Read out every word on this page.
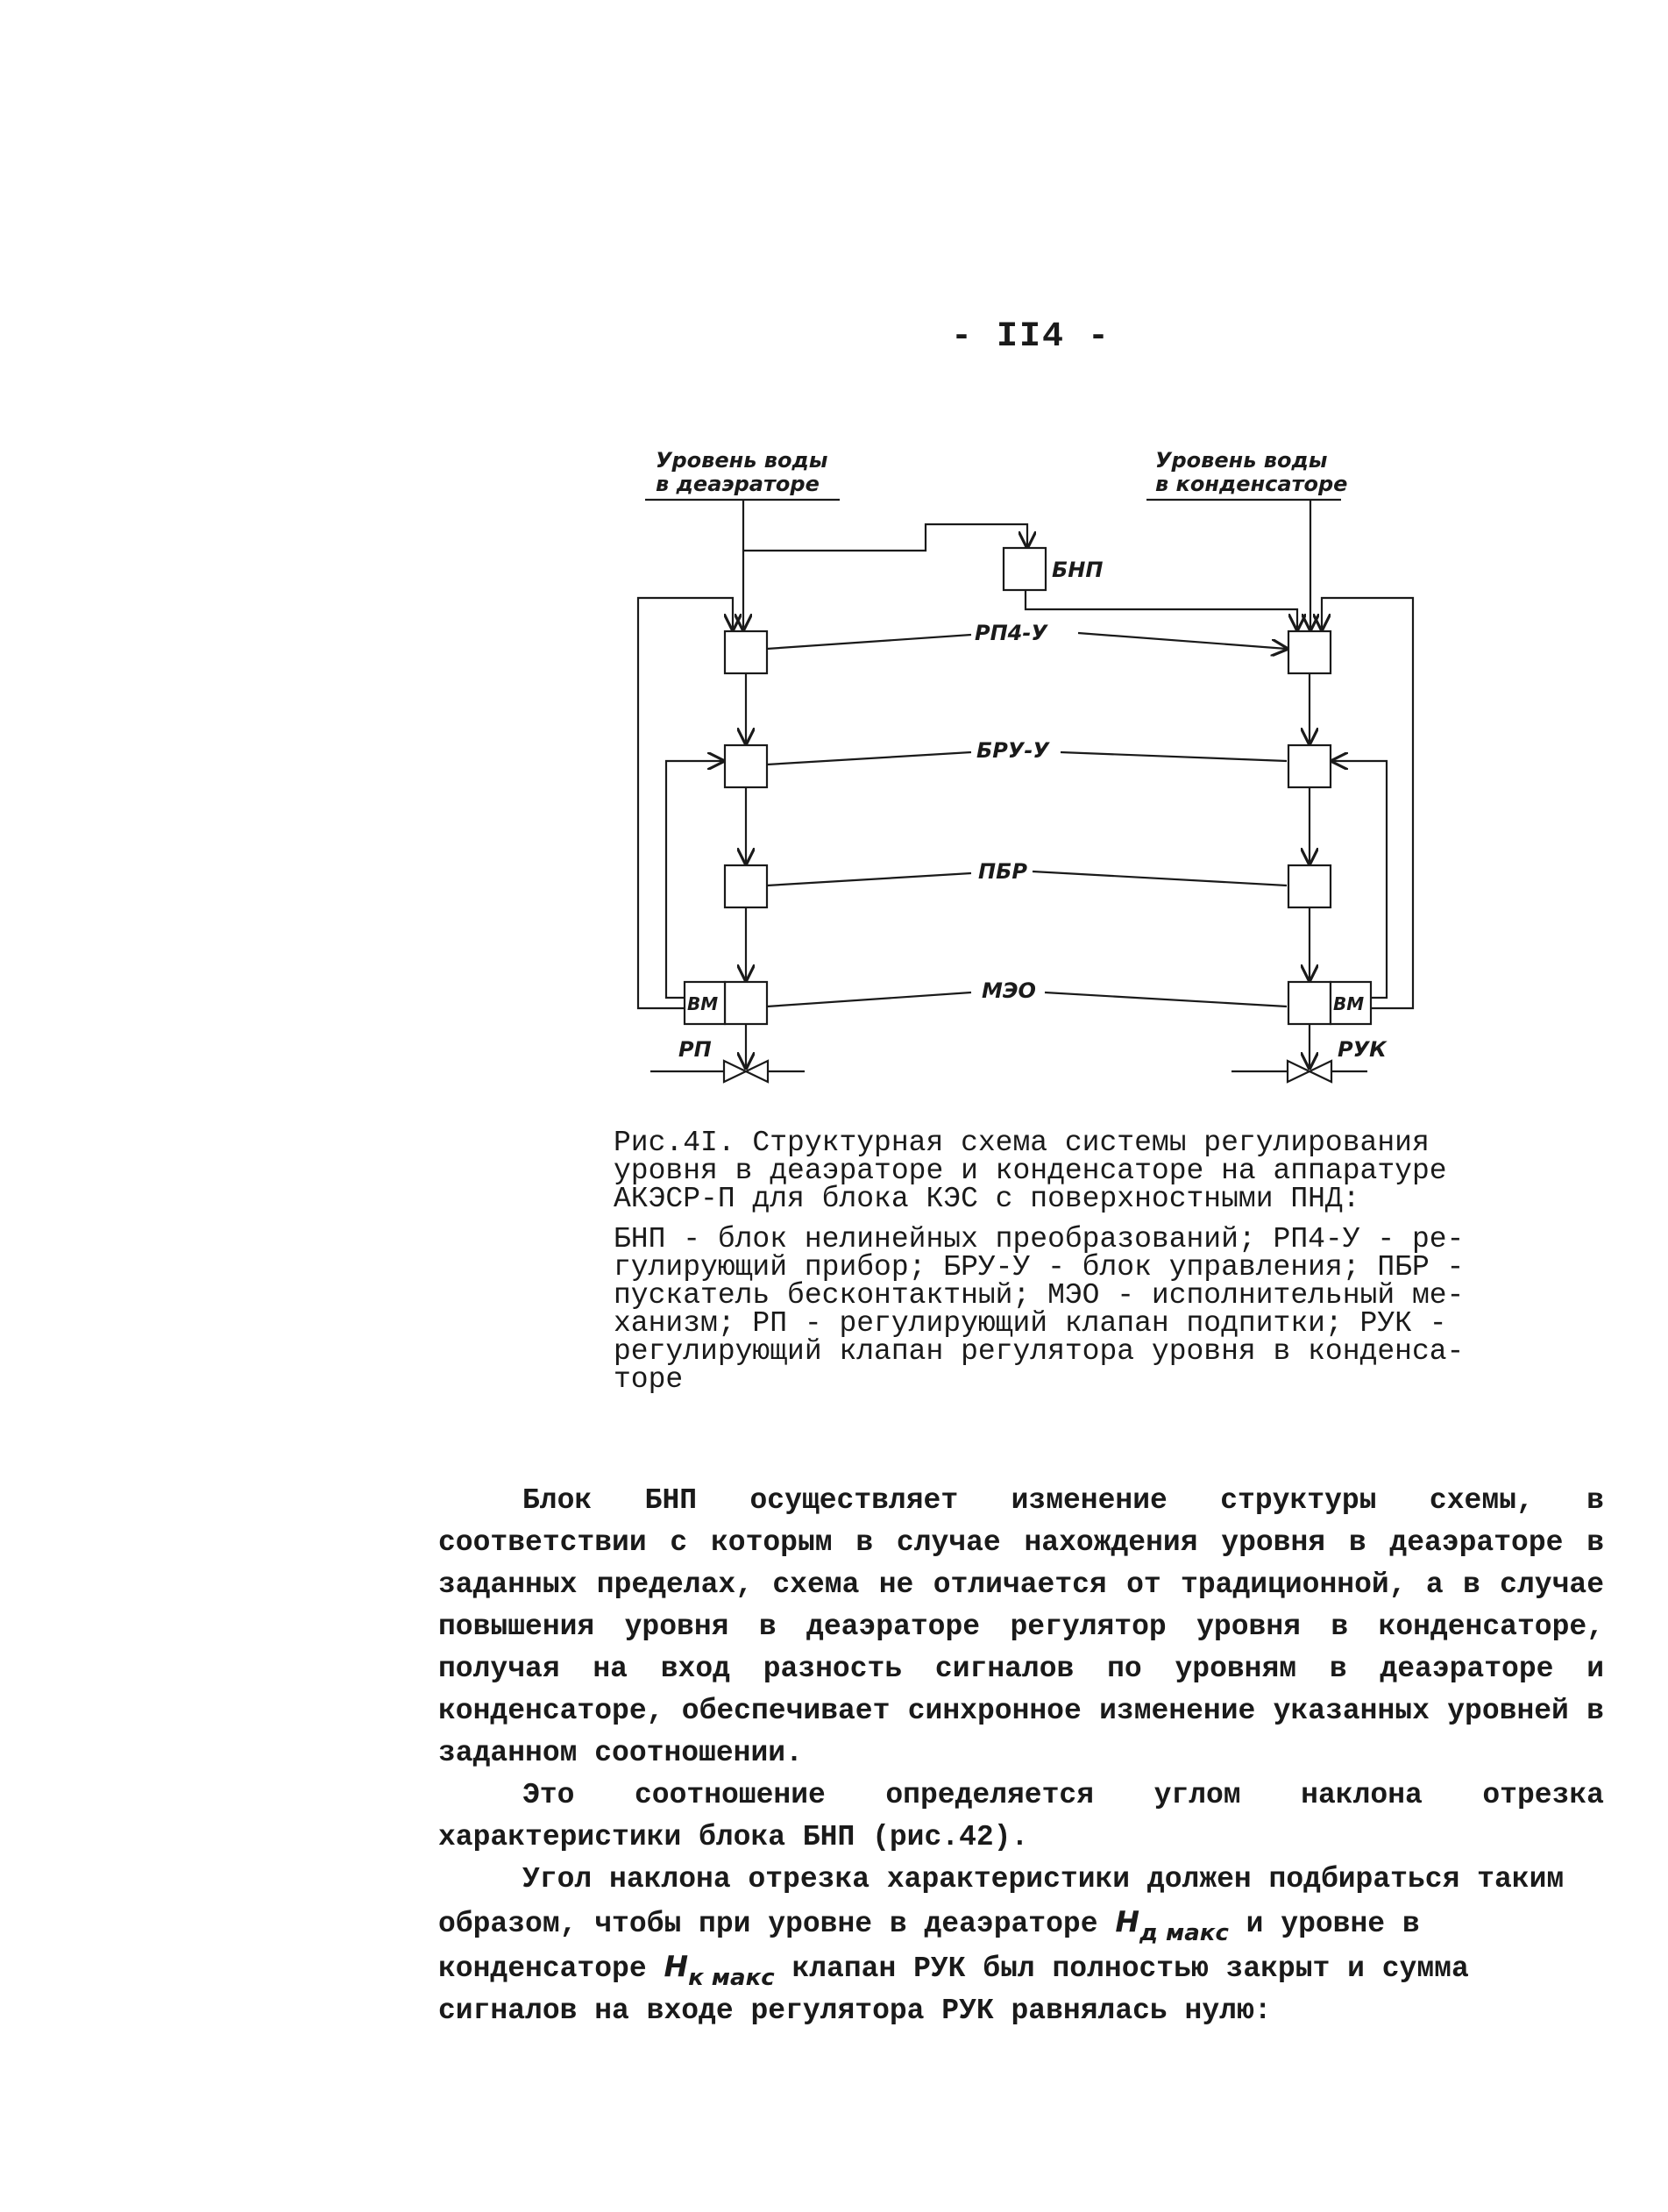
- II4 -
Уровень воды
в деаэраторе
Уровень воды
в конденсаторе
БНП
ВМ	ВМ
РП4-У
БРУ-У
ПБР
МЭО
РП	РУК

Рис.4I. Структурная схема системы регулирования
уровня в деаэраторе и конденсаторе на аппаратуре
АКЭСР-П для блока КЭС с поверхностными ПНД:

БНП - блок нелинейных преобразований; РП4-У - ре-
гулирующий прибор; БРУ-У - блок управления; ПБР -
пускатель бесконтактный; МЭО - исполнительный ме-
ханизм; РП - регулирующий клапан подпитки; РУК -
регулирующий клапан регулятора уровня в конденса-
торе

Блок БНП осуществляет изменение структуры схемы, в соответствии с которым в случае нахождения уровня в деаэраторе в заданных пределах, схема не отличается от традиционной, а в случае повышения уровня в деаэраторе регулятор уровня в конденсаторе, получая на вход разность сигналов по уровням в деаэраторе и конденсаторе, обеспечивает синхронное изменение указанных уровней в заданном соотношении.

Это соотношение определяется углом наклона отрезка характеристики блока БНП (рис.42).

Угол наклона отрезка характеристики должен подбираться таким образом, чтобы при уровне в деаэраторе $H_{д макс}$ и уровне в конденсаторе $H_{к макс}$ клапан РУК был полностью закрыт и сумма сигналов на входе регулятора РУК равнялась нулю:
